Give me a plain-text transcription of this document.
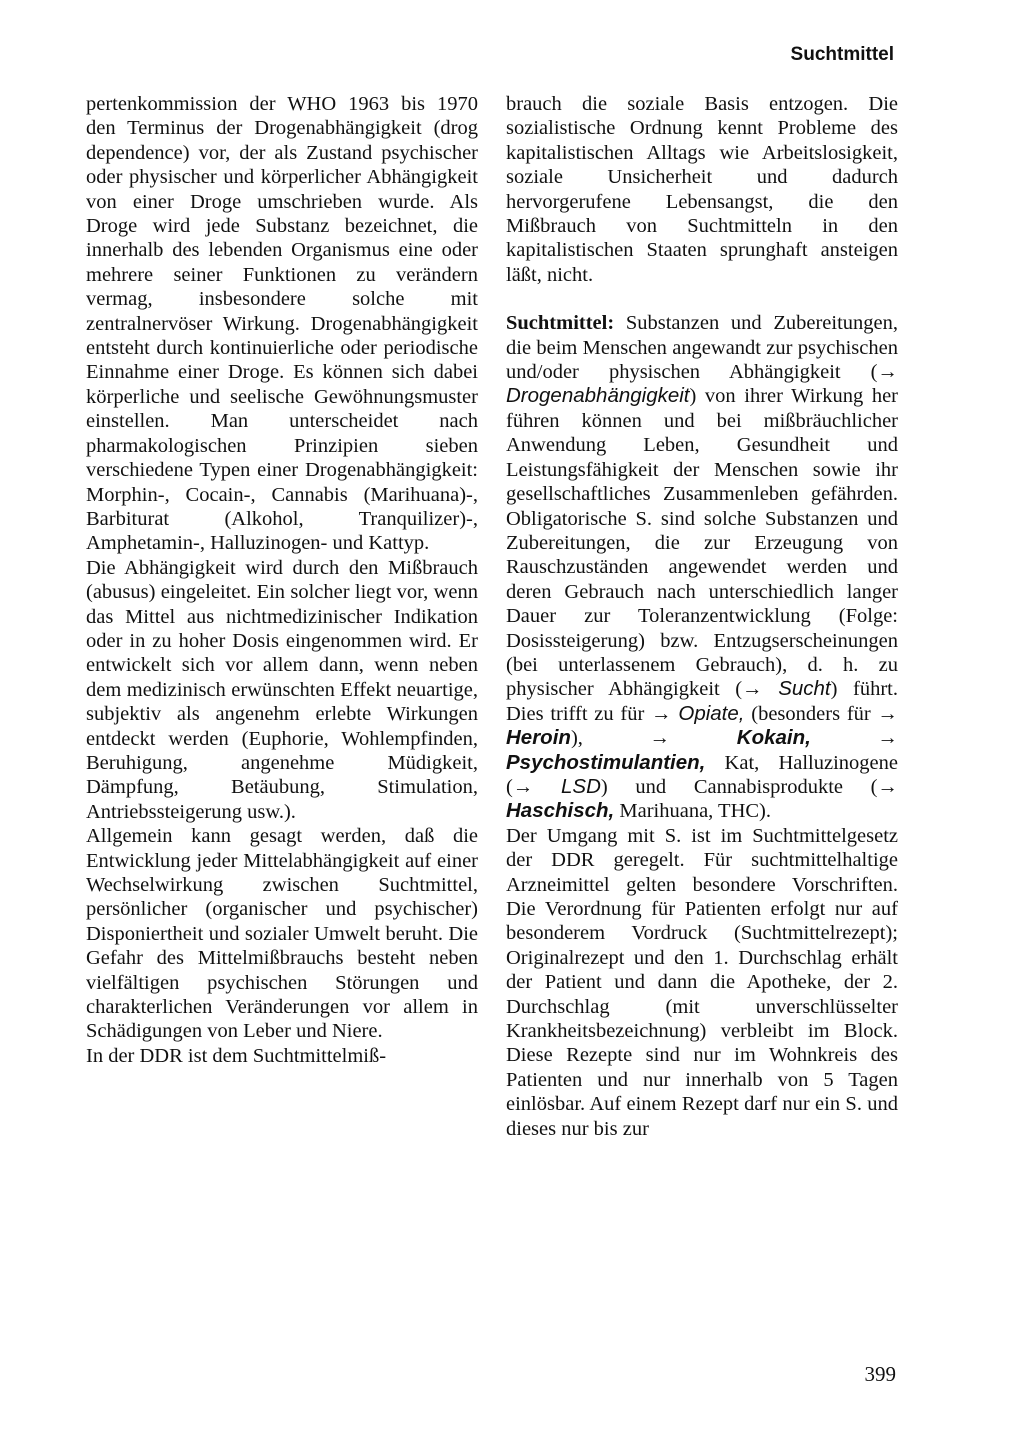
Suchtmittel

pertenkommission der WHO 1963 bis 1970 den Terminus der Drogenabhängigkeit (drog dependence) vor, der als Zustand psychischer oder physischer und körperlicher Abhängigkeit von einer Droge umschrieben wurde. Als Droge wird jede Substanz bezeichnet, die innerhalb des lebenden Organismus eine oder mehrere seiner Funktionen zu verändern vermag, insbesondere solche mit zentralnervöser Wirkung. Drogenabhängigkeit entsteht durch kontinuierliche oder periodische Einnahme einer Droge. Es können sich dabei körperliche und seelische Gewöhnungsmuster einstellen. Man unterscheidet nach pharmakologischen Prinzipien sieben verschiedene Typen einer Drogenabhängigkeit: Morphin-, Cocain-, Cannabis (Marihuana)-, Barbiturat (Alkohol, Tranquilizer)-, Amphetamin-, Halluzinogen- und Kattyp.

Die Abhängigkeit wird durch den Mißbrauch (abusus) eingeleitet. Ein solcher liegt vor, wenn das Mittel aus nichtmedizinischer Indikation oder in zu hoher Dosis eingenommen wird. Er entwickelt sich vor allem dann, wenn neben dem medizinisch erwünschten Effekt neuartige, subjektiv als angenehm erlebte Wirkungen entdeckt werden (Euphorie, Wohlempfinden, Beruhigung, angenehme Müdigkeit, Dämpfung, Betäubung, Stimulation, Antriebssteigerung usw.).

Allgemein kann gesagt werden, daß die Entwicklung jeder Mittelabhängigkeit auf einer Wechselwirkung zwischen Suchtmittel, persönlicher (organischer und psychischer) Disponiertheit und sozialer Umwelt beruht. Die Gefahr des Mittelmißbrauchs besteht neben vielfältigen psychischen Störungen und charakterlichen Veränderungen vor allem in Schädigungen von Leber und Niere.

In der DDR ist dem Suchtmittelmiß-

brauch die soziale Basis entzogen. Die sozialistische Ordnung kennt Probleme des kapitalistischen Alltags wie Arbeitslosigkeit, soziale Unsicherheit und dadurch hervorgerufene Lebensangst, die den Mißbrauch von Suchtmitteln in den kapitalistischen Staaten sprunghaft ansteigen läßt, nicht.

Suchtmittel: Substanzen und Zubereitungen, die beim Menschen angewandt zur psychischen und/oder physischen Abhängigkeit (→ Drogenabhängigkeit) von ihrer Wirkung her führen können und bei mißbräuchlicher Anwendung Leben, Gesundheit und Leistungsfähigkeit der Menschen sowie ihr gesellschaftliches Zusammenleben gefährden. Obligatorische S. sind solche Substanzen und Zubereitungen, die zur Erzeugung von Rauschzuständen angewendet werden und deren Gebrauch nach unterschiedlich langer Dauer zur Toleranzentwicklung (Folge: Dosissteigerung) bzw. Entzugserscheinungen (bei unterlassenem Gebrauch), d. h. zu physischer Abhängigkeit (→ Sucht) führt. Dies trifft zu für → Opiate, (besonders für → Heroin), → Kokain, → Psychostimulantien, Kat, Halluzinogene (→ LSD) und Cannabisprodukte (→ Haschisch, Marihuana, THC).

Der Umgang mit S. ist im Suchtmittelgesetz der DDR geregelt. Für suchtmittelhaltige Arzneimittel gelten besondere Vorschriften. Die Verordnung für Patienten erfolgt nur auf besonderem Vordruck (Suchtmittelrezept); Originalrezept und den 1. Durchschlag erhält der Patient und dann die Apotheke, der 2. Durchschlag (mit unverschlüsselter Krankheitsbezeichnung) verbleibt im Block. Diese Rezepte sind nur im Wohnkreis des Patienten und nur innerhalb von 5 Tagen einlösbar. Auf einem Rezept darf nur ein S. und dieses nur bis zur

399
